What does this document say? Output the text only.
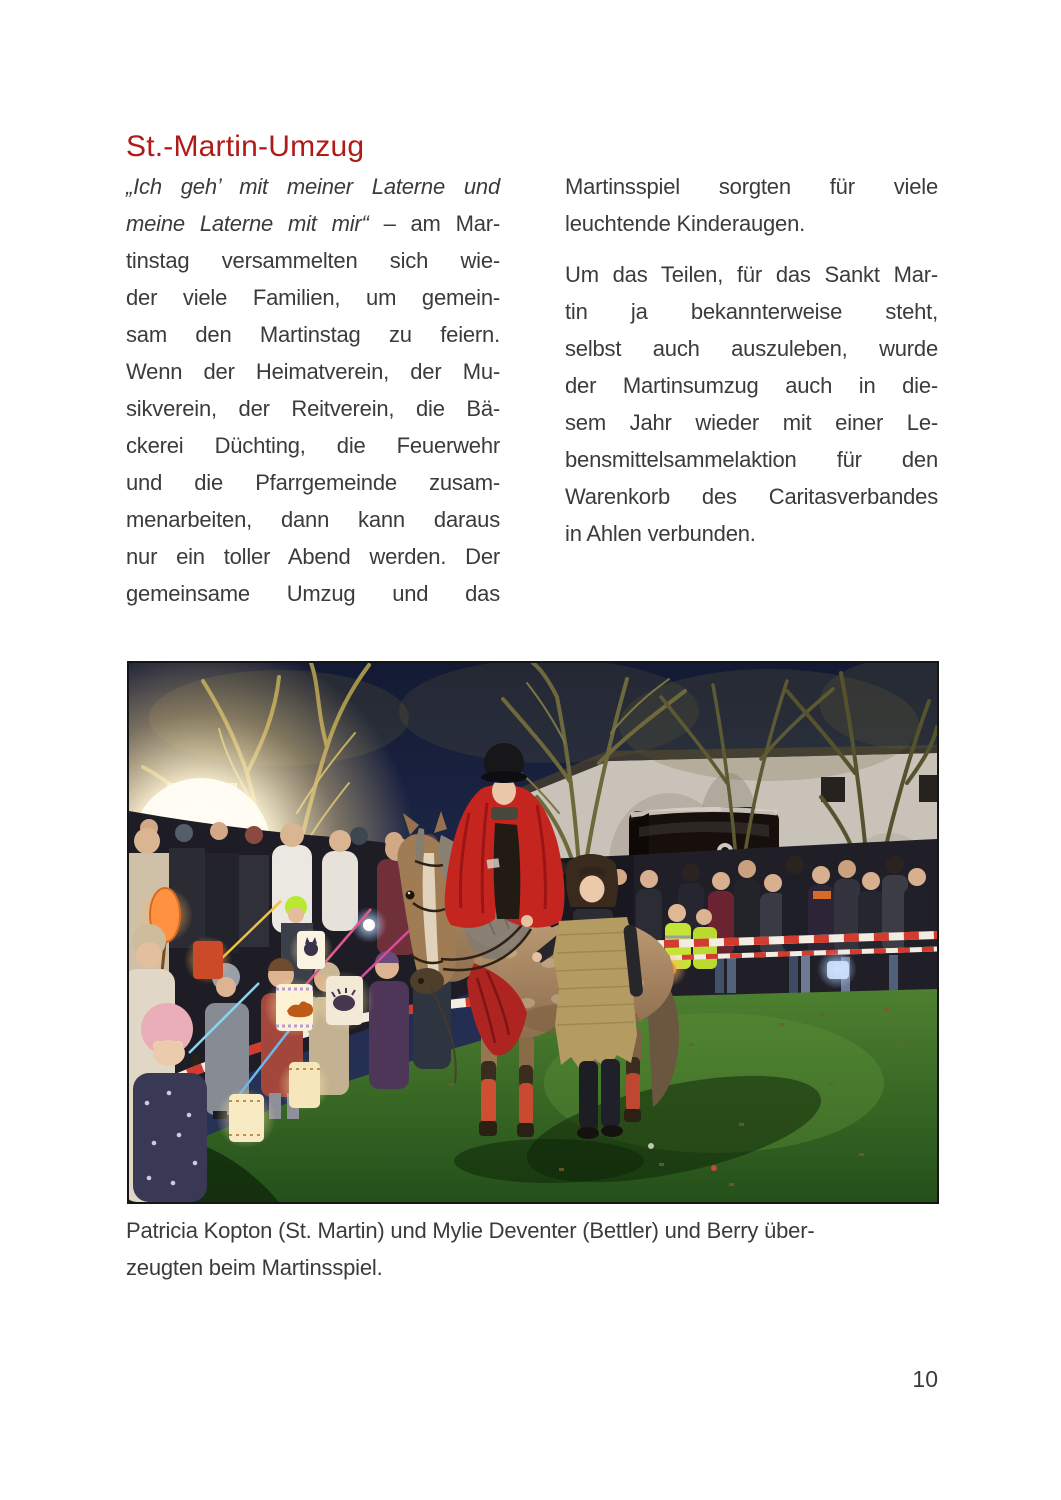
St.-Martin-Umzug
„Ich geh’ mit meiner Laterne und
meine Laterne mit mir“ – am Mar-
tinstag versammelten sich wie-
der viele Familien, um gemein-
sam den Martinstag zu feiern.
Wenn der Heimatverein, der Mu-
sikverein, der Reitverein, die Bä-
ckerei Düchting, die Feuerwehr
und die Pfarrgemeinde zusam-
menarbeiten, dann kann daraus
nur ein toller Abend werden. Der
gemeinsame Umzug und das
Martinsspiel sorgten für viele
leuchtende Kinderaugen.
Um das Teilen, für das Sankt Mar-
tin ja bekannterweise steht,
selbst auch auszuleben, wurde
der Martinsumzug auch in die-
sem Jahr wieder mit einer Le-
bensmittelsammelaktion für den
Warenkorb des Caritasverbandes
in Ahlen verbunden.
Patricia Kopton (St. Martin) und Mylie Deventer (Bettler) und Berry über-
zeugten beim Martinsspiel.
10
